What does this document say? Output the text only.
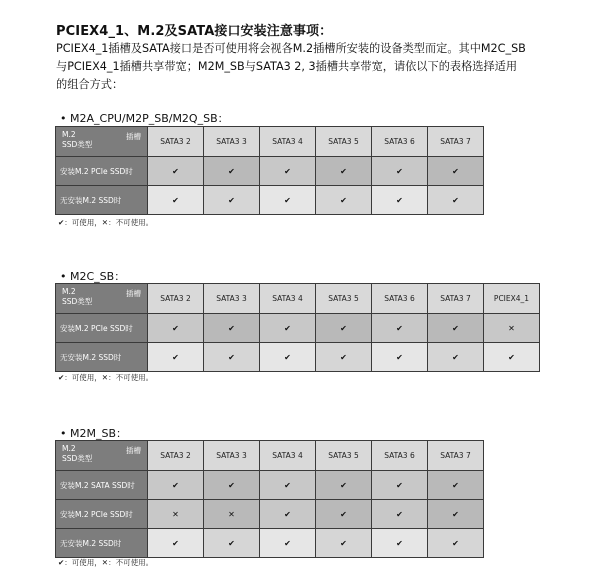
PCIEX4_1、M.2及SATA接口安装注意事项：
PCIEX4_1插槽及SATA接口是否可使用将会视各M.2插槽所安装的设备类型而定。其中M2C_SB
与PCIEX4_1插槽共享带宽；M2M_SB与SATA3 2, 3插槽共享带宽，请依以下的表格选择适用
的组合方式：
• M2A_CPU/M2P_SB/M2Q_SB：
插槽
M.2
SSD类型	SATA3 2	SATA3 3	SATA3 4	SATA3 5	SATA3 6	SATA3 7
安装M.2 PCIe SSD时	✔	✔	✔	✔	✔	✔
无安装M.2 SSD时	✔	✔	✔	✔	✔	✔
✔：可使用，✕：不可使用。
• M2C_SB：
插槽
M.2
SSD类型	SATA3 2	SATA3 3	SATA3 4	SATA3 5	SATA3 6	SATA3 7	PCIEX4_1
安装M.2 PCIe SSD时	✔	✔	✔	✔	✔	✔	✕
无安装M.2 SSD时	✔	✔	✔	✔	✔	✔	✔
✔：可使用，✕：不可使用。
• M2M_SB：
插槽
M.2
SSD类型	SATA3 2	SATA3 3	SATA3 4	SATA3 5	SATA3 6	SATA3 7
安装M.2 SATA SSD时	✔	✔	✔	✔	✔	✔
安装M.2 PCIe SSD时	✕	✕	✔	✔	✔	✔
无安装M.2 SSD时	✔	✔	✔	✔	✔	✔
✔：可使用，✕：不可使用。
